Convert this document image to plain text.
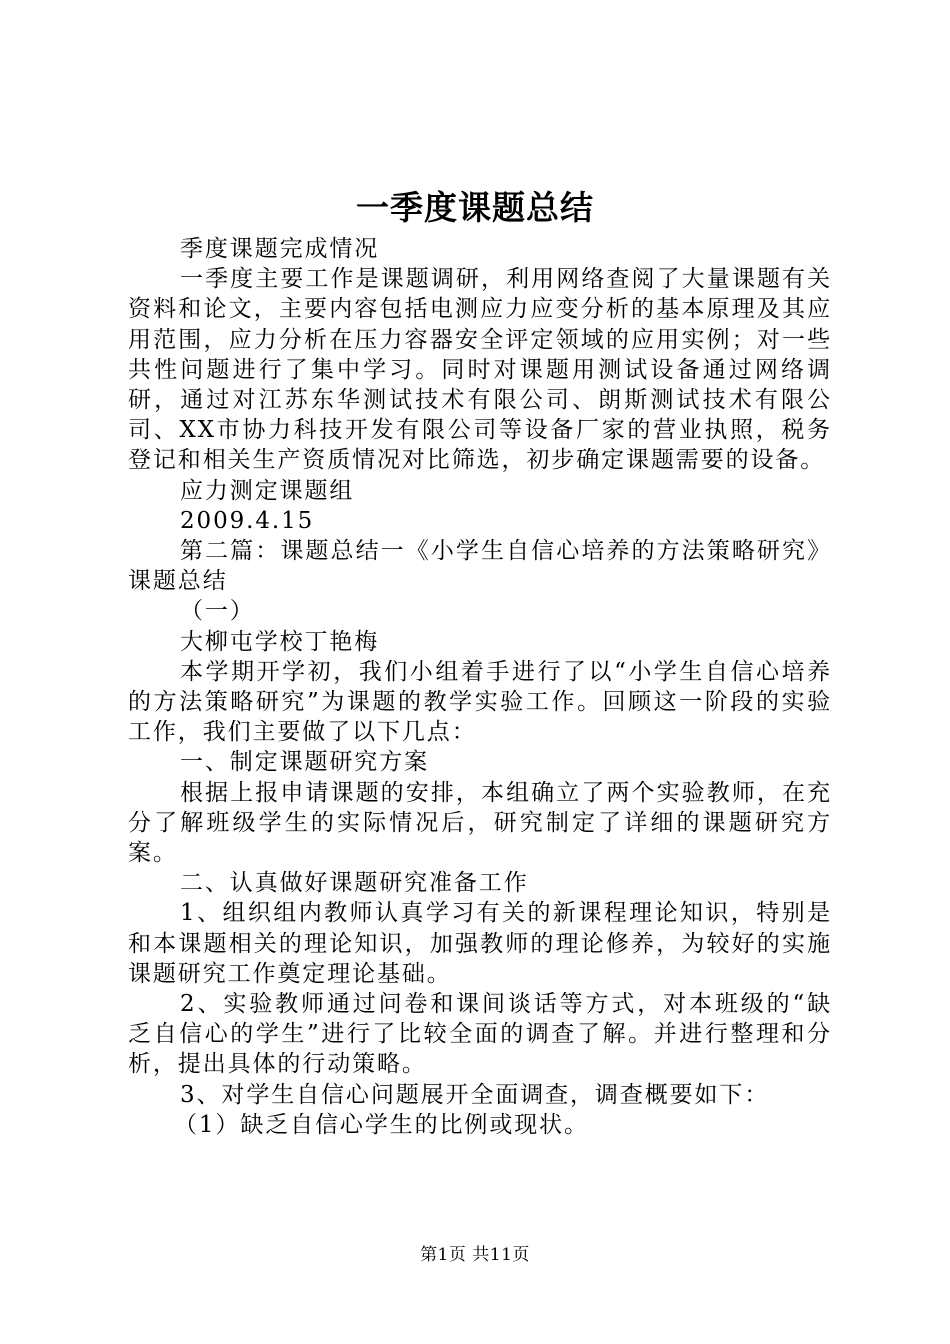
一季度课题总结

季度课题完成情况

一季度主要工作是课题调研，利用网络查阅了大量课题有关资料和论文，主要内容包括电测应力应变分析的基本原理及其应用范围，应力分析在压力容器安全评定领域的应用实例；对一些共性问题进行了集中学习。同时对课题用测试设备通过网络调研，通过对江苏东华测试技术有限公司、朗斯测试技术有限公司、XX市协力科技开发有限公司等设备厂家的营业执照，税务登记和相关生产资质情况对比筛选，初步确定课题需要的设备。

应力测定课题组

2009.4.15

第二篇：课题总结一《小学生自信心培养的方法策略研究》课题总结

（一）

大柳屯学校丁艳梅

本学期开学初，我们小组着手进行了以“小学生自信心培养的方法策略研究”为课题的教学实验工作。回顾这一阶段的实验工作，我们主要做了以下几点：

一、制定课题研究方案

根据上报申请课题的安排，本组确立了两个实验教师，在充分了解班级学生的实际情况后，研究制定了详细的课题研究方案。

二、认真做好课题研究准备工作

1、组织组内教师认真学习有关的新课程理论知识，特别是和本课题相关的理论知识，加强教师的理论修养，为较好的实施课题研究工作奠定理论基础。

2、实验教师通过问卷和课间谈话等方式，对本班级的“缺乏自信心的学生”进行了比较全面的调查了解。并进行整理和分析，提出具体的行动策略。

3、对学生自信心问题展开全面调查，调查概要如下：

（1）缺乏自信心学生的比例或现状。

第1页 共11页
